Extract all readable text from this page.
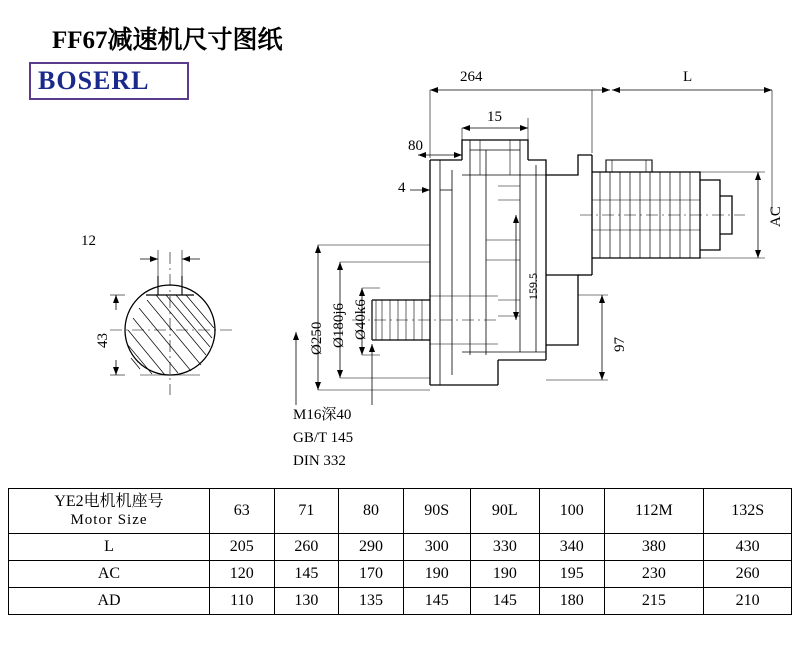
FF67减速机尺寸图纸
BOSERL
12
43
264	L
15
80
4
AC
159.5
97
Ø250 Ø180j6 Ø40k6
M16深40
GB/T 145
DIN 332
YE2电机机座号
Motor Size	63	71	80	90S	90L	100	112M	132S
L	205	260	290	300	330	340	380	430
AC	120	145	170	190	190	195	230	260
AD	110	130	135	145	145	180	215	210
